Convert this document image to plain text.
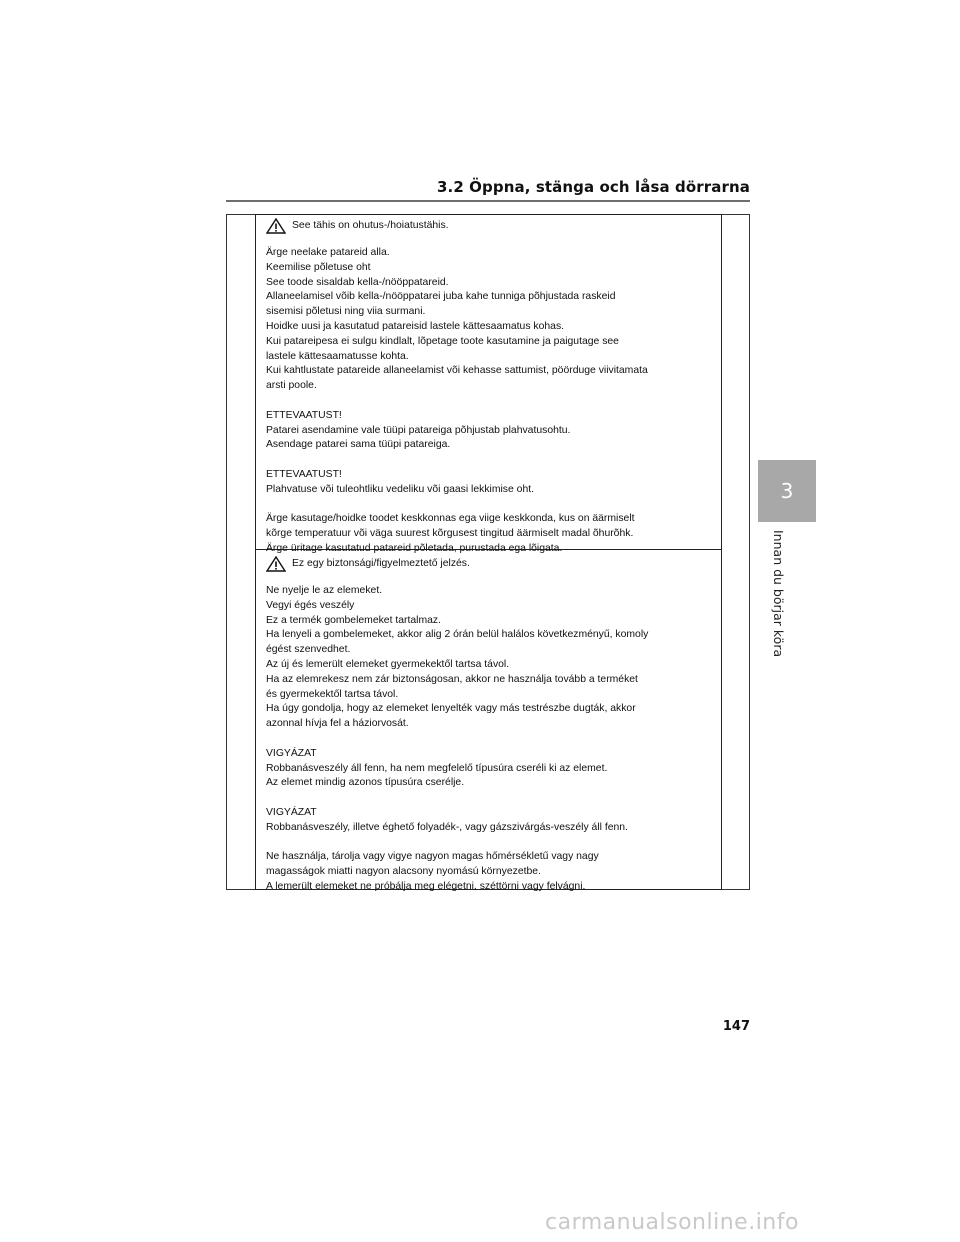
3.2 Öppna, stänga och låsa dörrarna
See tähis on ohutus-/hoiatustähis.

Ärge neelake patareid alla.

Keemilise põletuse oht

See toode sisaldab kella-/nööppatareid.

Allaneelamisel võib kella-/nööppatarei juba kahe tunniga põhjustada raskeid

sisemisi põletusi ning viia surmani.

Hoidke uusi ja kasutatud patareisid lastele kättesaamatus kohas.

Kui patareipesa ei sulgu kindlalt, lõpetage toote kasutamine ja paigutage see

lastele kättesaamatusse kohta.

Kui kahtlustate patareide allaneelamist või kehasse sattumist, pöörduge viivitamata

arsti poole.

ETTEVAATUST!

Patarei asendamine vale tüüpi patareiga põhjustab plahvatusohtu.

Asendage patarei sama tüüpi patareiga.

ETTEVAATUST!

Plahvatuse või tuleohtliku vedeliku või gaasi lekkimise oht.

Ärge kasutage/hoidke toodet keskkonnas ega viige keskkonda, kus on äärmiselt

kõrge temperatuur või väga suurest kõrgusest tingitud äärmiselt madal õhurõhk.

Ärge üritage kasutatud patareid põletada, purustada ega lõigata.

Ez egy biztonsági/figyelmeztető jelzés.

Ne nyelje le az elemeket.

Vegyi égés veszély

Ez a termék gombelemeket tartalmaz.

Ha lenyeli a gombelemeket, akkor alig 2 órán belül halálos következményű, komoly

égést szenvedhet.

Az új és lemerült elemeket gyermekektől tartsa távol.

Ha az elemrekesz nem zár biztonságosan, akkor ne használja tovább a terméket

és gyermekektől tartsa távol.

Ha úgy gondolja, hogy az elemeket lenyelték vagy más testrészbe dugták, akkor

azonnal hívja fel a háziorvosát.

VIGYÁZAT

Robbanásveszély áll fenn, ha nem megfelelő típusúra cseréli ki az elemet.

Az elemet mindig azonos típusúra cserélje.

VIGYÁZAT

Robbanásveszély, illetve éghető folyadék-, vagy gázszivárgás-veszély áll fenn.

Ne használja, tárolja vagy vigye nagyon magas hőmérsékletű vagy nagy

magasságok miatti nagyon alacsony nyomású környezetbe.

A lemerült elemeket ne próbálja meg elégetni, széttörni vagy felvágni.

3
Innan du börjar köra
147
carmanualsonline.info
